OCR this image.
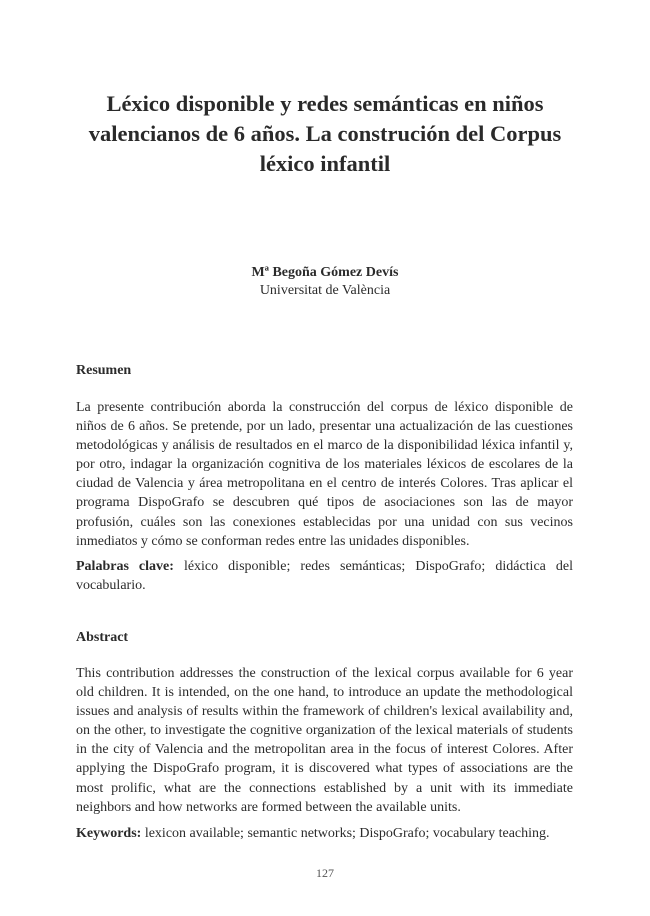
Léxico disponible y redes semánticas en niños valencianos de 6 años. La construción del Corpus léxico infantil
Mª Begoña Gómez Devís
Universitat de València
Resumen

La presente contribución aborda la construcción del corpus de léxico disponible de niños de 6 años. Se pretende, por un lado, presentar una actualización de las cuestiones metodológicas y análisis de resultados en el marco de la disponibilidad léxica infantil y, por otro, indagar la organización cognitiva de los materiales léxicos de escolares de la ciudad de Valencia y área metropolitana en el centro de interés Colores. Tras aplicar el programa DispoGrafo se descubren qué tipos de asociaciones son las de mayor profusión, cuáles son las conexiones establecidas por una unidad con sus vecinos inmediatos y cómo se conforman redes entre las unidades disponibles.

Palabras clave: léxico disponible; redes semánticas; DispoGrafo; didáctica del vocabulario.

Abstract

This contribution addresses the construction of the lexical corpus available for 6 year old children. It is intended, on the one hand, to introduce an update the methodological issues and analysis of results within the framework of children's lexical availability and, on the other, to investigate the cognitive organization of the lexical materials of students in the city of Valencia and the metropolitan area in the focus of interest Colores. After applying the DispoGrafo program, it is discovered what types of associations are the most prolific, what are the connections established by a unit with its immediate neighbors and how networks are formed between the available units.

Keywords: lexicon available; semantic networks; DispoGrafo; vocabulary teaching.

127
